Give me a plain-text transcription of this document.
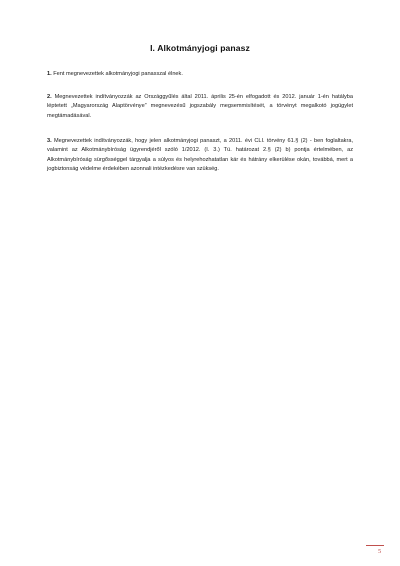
I. Alkotmányjogi panasz
1. Fent megnevezettek alkotmányjogi panasszal élnek.
2. Megnevezettek indítványozzák az Országgyűlés által 2011. április 25-én elfogadott és 2012. január 1-én hatályba léptetett „Magyarország Alaptörvénye” megnevezésű jogszabály megsemmisítését, a törvényt megalkotó jogügylet megtámadásával.
3. Megnevezettek indítványozzák, hogy jelen alkotmányjogi panaszt, a 2011. évi CLI. törvény 61.§ (2) - ben foglaltakra, valamint az Alkotmánybíróság ügyrendjéről szóló 1/2012. (I. 3.) Tü. határozat 2.§ (2) b) pontja értelmében, az Alkotmánybíróság sürgősséggel tárgyalja a súlyos és helyrehozhatatlan kár és hátrány elkerülése okán, továbbá, mert a jogbiztonság védelme érdekében azonnali intézkedésre van szükség.
5
